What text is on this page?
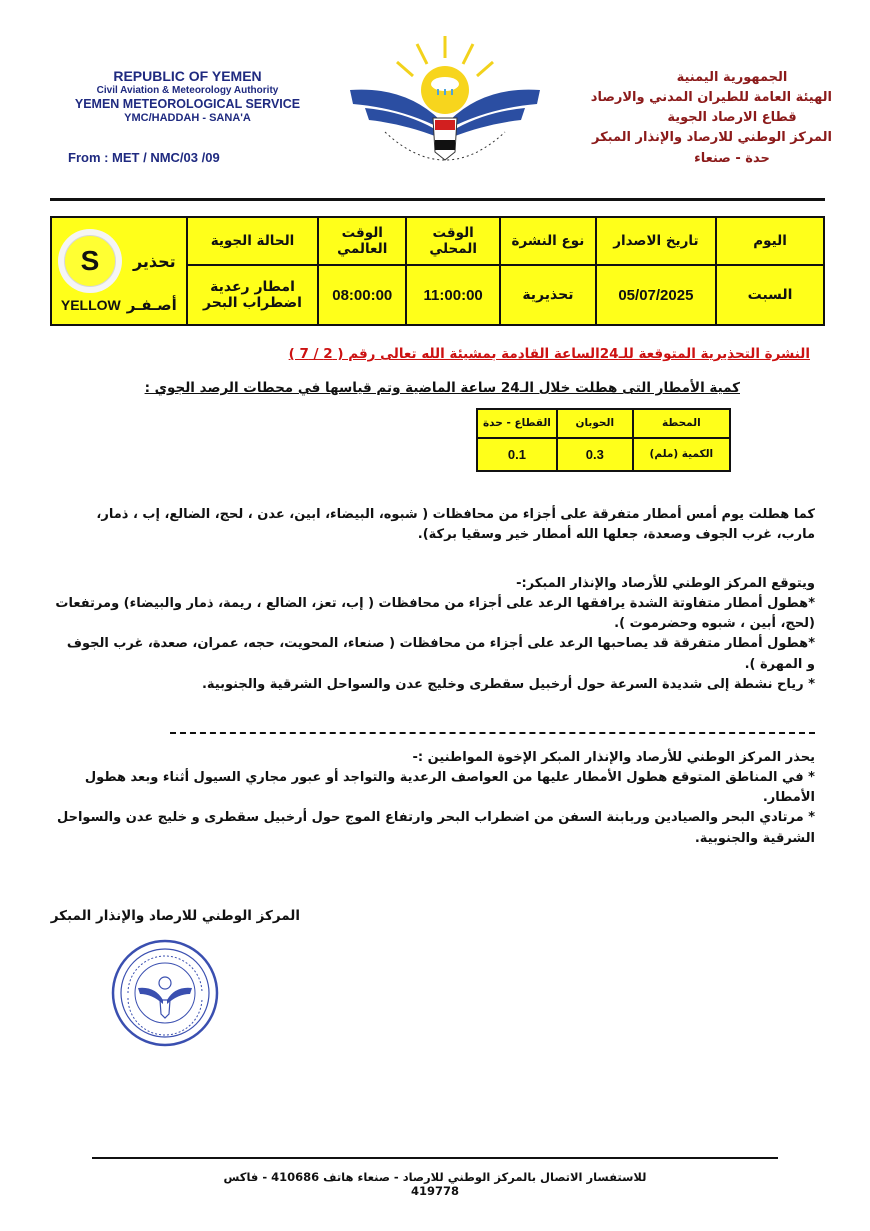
REPUBLIC OF YEMEN
Civil Aviation & Meteorology Authority
YEMEN METEOROLOGICAL SERVICE
YMC/HADDAH - SANA'A
From : MET / NMC/03 /09
الجمهورية اليمنية
الهيئة العامة للطيران المدني والارصاد
قطاع الارصاد الجوية
المركز الوطني للارصاد والإنذار المبكر
حدة - صنعاء
اليوم	تاريخ الاصدار	نوع النشرة	الوقت المحلي	الوقت العالمي	الحالة الجوية	تحذير
S
YELLOW أصـفـر

السبت	05/07/2025	تحذيرية	11:00:00	08:00:00	امطار رعدية
اضطراب البحر	
النشرة التحذيرية المتوقعة للـ24الساعة القادمة بمشيئة الله تعالى رقم ( 2 / 7 )
كمية الأمطار التى هطلت خلال الـ24 ساعة الماضية وتم قياسها في محطات الرصد الجوي :
المحطة	الحوبان	القطاع - حدة
الكمية (ملم)	0.3	0.1
كما هطلت يوم أمس أمطار متفرقة على أجزاء من محافظات ( شبوه، البيضاء، ابين، عدن ، لحج، الضالع، إب ، ذمار، مارب، غرب الجوف وصعدة، جعلها الله أمطار خير وسقيا بركة).

ويتوقع المركز الوطني للأرصاد والإنذار المبكر:-

*هطول أمطار متفاوتة الشدة يرافقها الرعد على أجزاء من محافظات ( إب، تعز، الضالع ، ريمة، ذمار والبيضاء) ومرتفعات (لحج، أبين ، شبوه وحضرموت ).

*هطول أمطار متفرقة قد يصاحبها الرعد على أجزاء من محافظات ( صنعاء، المحويت، حجه، عمران، صعدة، غرب الجوف و المهرة ).

* رياح نشطة إلى شديدة السرعة حول أرخبيل سقطرى وخليج عدن والسواحل الشرقية والجنوبية.

يحذر المركز الوطني للأرصاد والإنذار المبكر الإخوة المواطنين :-

* في المناطق المتوقع هطول الأمطار عليها من العواصف الرعدية والتواجد أو عبور مجاري السيول أثناء وبعد هطول الأمطار.

* مرتادي البحر والصيادين وربابنة السفن من اضطراب البحر وارتفاع الموج حول أرخبيل سقطرى و خليج عدن والسواحل الشرقية والجنوبية.

المركز الوطني للارصاد والإنذار المبكر
للاستفسار الاتصال بالمركز الوطني للارصاد - صنعاء هاتف 410686 - فاكس 419778
